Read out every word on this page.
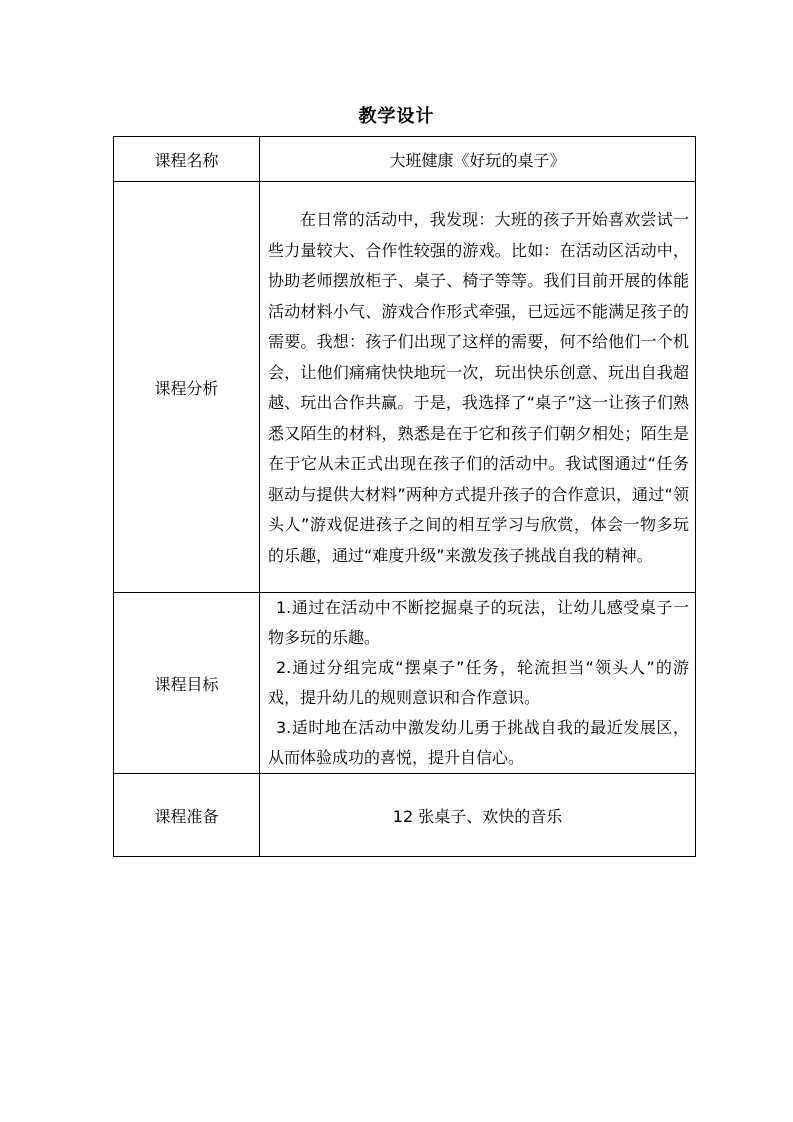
教学设计
课程名称	大班健康《好玩的桌子》
课程分析	在日常的活动中，我发现：大班的孩子开始喜欢尝试一些力量较大、合作性较强的游戏。比如：在活动区活动中，协助老师摆放柜子、桌子、椅子等等。我们目前开展的体能活动材料小气、游戏合作形式牵强，已远远不能满足孩子的需要。我想：孩子们出现了这样的需要，何不给他们一个机会，让他们痛痛快快地玩一次，玩出快乐创意、玩出自我超越、玩出合作共赢。于是，我选择了“桌子”这一让孩子们熟悉又陌生的材料，熟悉是在于它和孩子们朝夕相处；陌生是在于它从未正式出现在孩子们的活动中。我试图通过“任务驱动与提供大材料”两种方式提升孩子的合作意识，通过“领头人”游戏促进孩子之间的相互学习与欣赏，体会一物多玩的乐趣，通过“难度升级”来激发孩子挑战自我的精神。

课程目标	1.通过在活动中不断挖掘桌子的玩法，让幼儿感受桌子一物多玩的乐趣。
2.通过分组完成“摆桌子”任务，轮流担当“领头人”的游戏，提升幼儿的规则意识和合作意识。
3.适时地在活动中激发幼儿勇于挑战自我的最近发展区，从而体验成功的喜悦，提升自信心。

课程准备	12 张桌子、欢快的音乐
